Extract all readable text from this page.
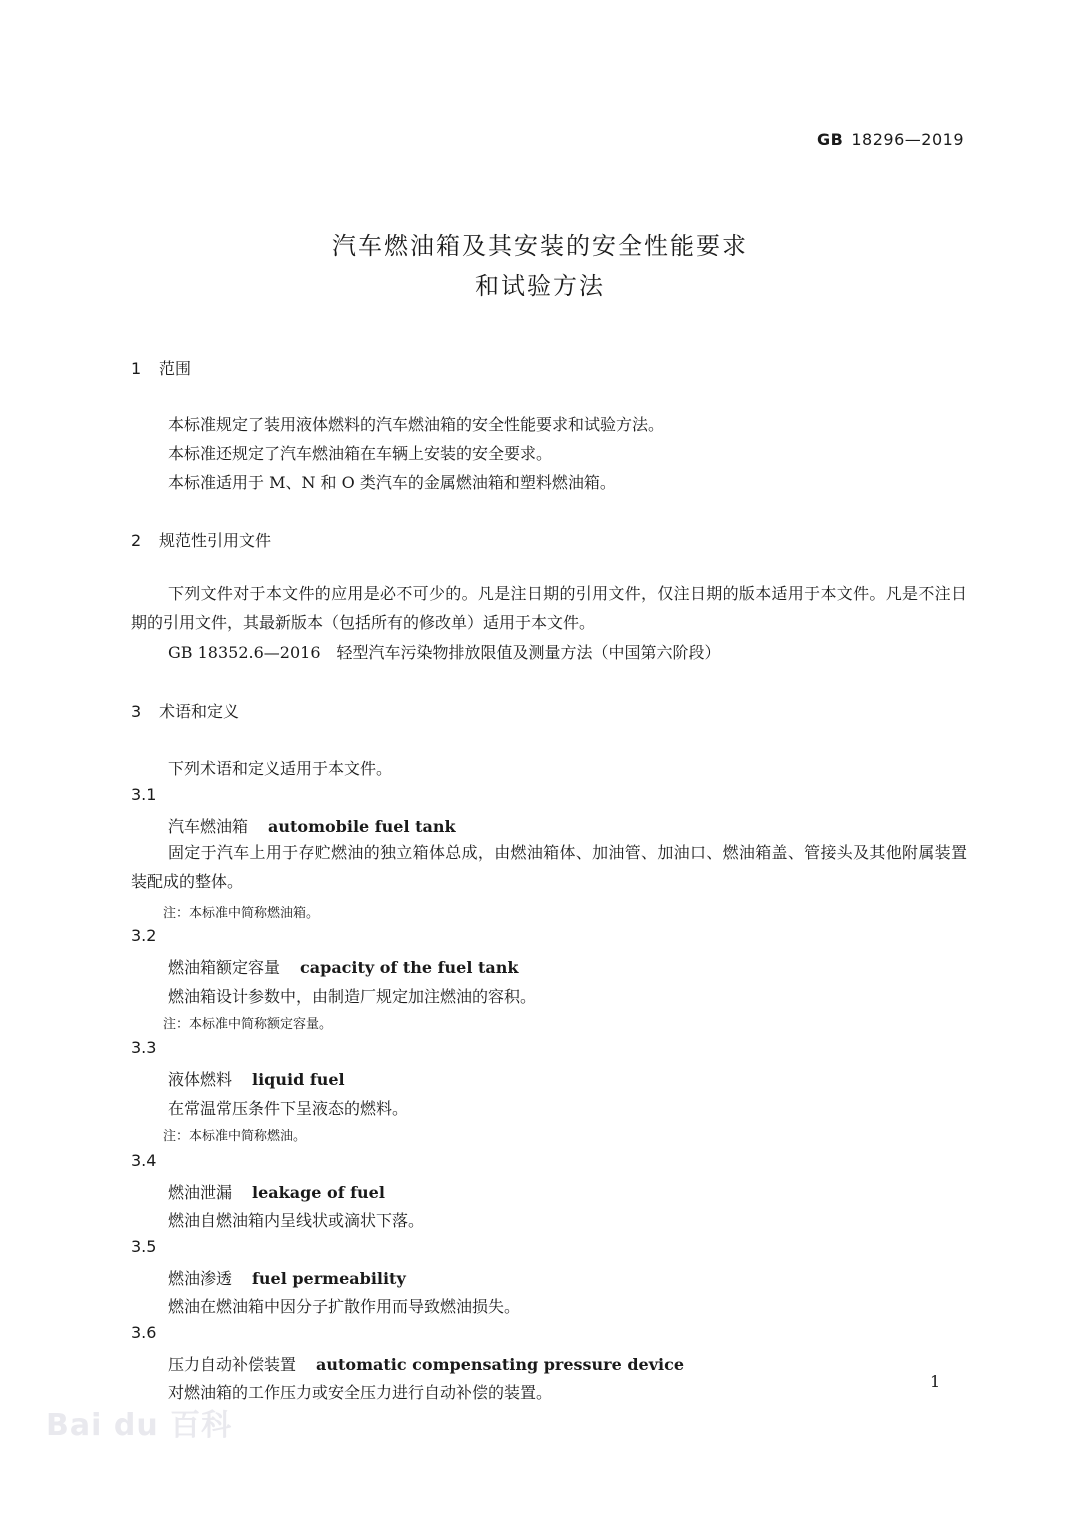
GB 18296—2019
汽车燃油箱及其安装的安全性能要求
和试验方法
1 范围
本标准规定了装用液体燃料的汽车燃油箱的安全性能要求和试验方法。
本标准还规定了汽车燃油箱在车辆上安装的安全要求。
本标准适用于 M、N 和 O 类汽车的金属燃油箱和塑料燃油箱。
2 规范性引用文件
下列文件对于本文件的应用是必不可少的。凡是注日期的引用文件，仅注日期的版本适用于本文件。凡是不注日期的引用文件，其最新版本（包括所有的修改单）适用于本文件。
GB 18352.6—2016　轻型汽车污染物排放限值及测量方法（中国第六阶段）
3 术语和定义
下列术语和定义适用于本文件。
3.1
汽车燃油箱 automobile fuel tank
固定于汽车上用于存贮燃油的独立箱体总成，由燃油箱体、加油管、加油口、燃油箱盖、管接头及其他附属装置装配成的整体。
注：本标准中简称燃油箱。
3.2
燃油箱额定容量 capacity of the fuel tank
燃油箱设计参数中，由制造厂规定加注燃油的容积。
注：本标准中简称额定容量。
3.3
液体燃料 liquid fuel
在常温常压条件下呈液态的燃料。
注：本标准中简称燃油。
3.4
燃油泄漏 leakage of fuel
燃油自燃油箱内呈线状或滴状下落。
3.5
燃油渗透 fuel permeability
燃油在燃油箱中因分子扩散作用而导致燃油损失。
3.6
压力自动补偿装置 automatic compensating pressure device
对燃油箱的工作压力或安全压力进行自动补偿的装置。
1
Bai du 百科
